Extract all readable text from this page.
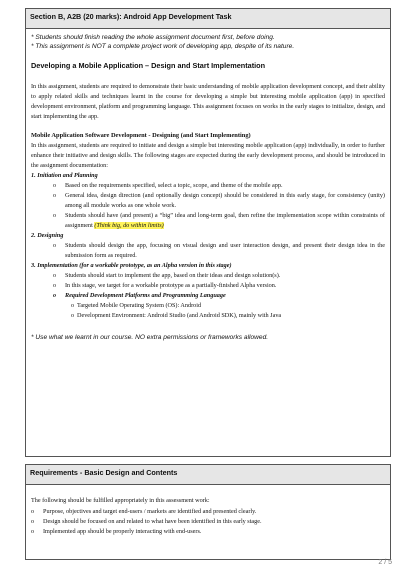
Section B, A2B (20 marks): Android App Development Task
* Students should finish reading the whole assignment document first, before doing.
* This assignment is NOT a complete project work of developing app, despite of its nature.
Developing a Mobile Application – Design and Start Implementation
In this assignment, students are required to demonstrate their basic understanding of mobile application development concept, and their ability to apply related skills and techniques learnt in the course for developing a simple but interesting mobile application (app) in specified development environment, platform and programming language. This assignment focuses on works in the early stages to initialize, design, and start implementing the app.
Mobile Application Software Development - Designing (and Start Implementing)
In this assignment, students are required to initiate and design a simple but interesting mobile application (app) individually, in order to further enhance their initiative and design skills. The following stages are expected during the early development process, and should be introduced in the assignment documentation:
1. Initiation and Planning
o Based on the requirements specified, select a topic, scope, and theme of the mobile app.
o General idea, design direction (and optionally design concept) should be considered in this early stage, for consistency (unity) among all module works as one whole work.
o Students should have (and present) a “big” idea and long-term goal, then refine the implementation scope within constraints of assignment (Think big, do within limits)
2. Designing
o Students should design the app, focusing on visual design and user interaction design, and present their design idea in the submission form as required.
3. Implementation (for a workable prototype, as an Alpha version in this stage)
o Students should start to implement the app, based on their ideas and design solution(s).
o In this stage, we target for a workable prototype as a partially-finished Alpha version.
o Required Development Platforms and Programming Language
o Targeted Mobile Operating System (OS): Android
o Development Environment: Android Studio (and Android SDK), mainly with Java
* Use what we learnt in our course. NO extra permissions or frameworks allowed.
Requirements - Basic Design and Contents
The following should be fulfilled appropriately in this assessment work:
o Purpose, objectives and target end-users / markets are identified and presented clearly.
o Design should be focused on and related to what have been identified in this early stage.
o Implemented app should be properly interacting with end-users.
2 / 5
